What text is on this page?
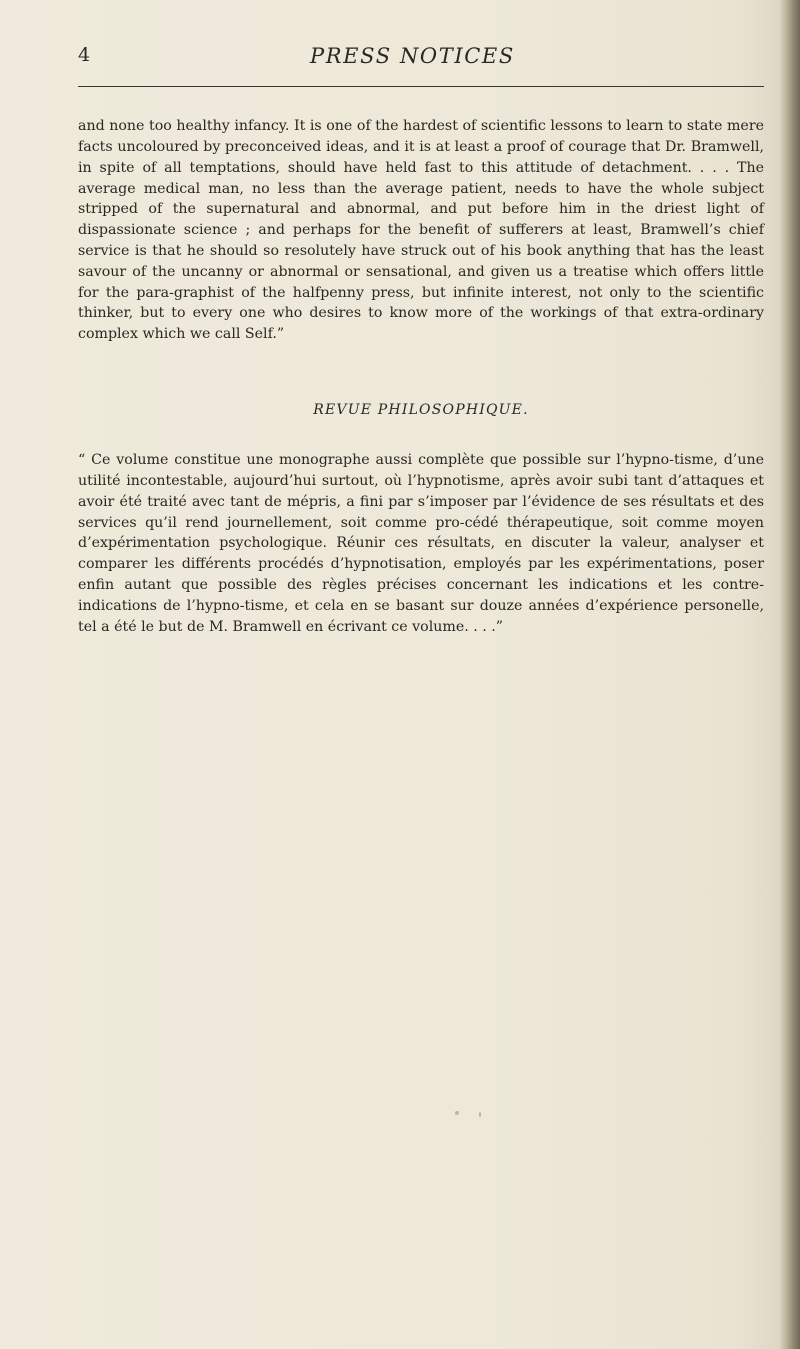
4	PRESS NOTICES

and none too healthy infancy. It is one of the hardest of scientific lessons to learn to state mere facts uncoloured by preconceived ideas, and it is at least a proof of courage that Dr. Bramwell, in spite of all temptations, should have held fast to this attitude of detachment. . . . The average medical man, no less than the average patient, needs to have the whole subject stripped of the supernatural and abnormal, and put before him in the driest light of dispassionate science ; and perhaps for the benefit of sufferers at least, Bramwell’s chief service is that he should so resolutely have struck out of his book anything that has the least savour of the uncanny or abnormal or sensational, and given us a treatise which offers little for the para-graphist of the halfpenny press, but infinite interest, not only to the scientific thinker, but to every one who desires to know more of the workings of that extra-ordinary complex which we call Self.”

REVUE PHILOSOPHIQUE.

“ Ce volume constitue une monographe aussi complète que possible sur l’hypno-tisme, d’une utilité incontestable, aujourd’hui surtout, où l’hypnotisme, après avoir subi tant d’attaques et avoir été traité avec tant de mépris, a fini par s’imposer par l’évidence de ses résultats et des services qu’il rend journellement, soit comme pro-cédé thérapeutique, soit comme moyen d’expérimentation psychologique. Réunir ces résultats, en discuter la valeur, analyser et comparer les différents procédés d’hypnotisation, employés par les expérimentations, poser enfin autant que possible des règles précises concernant les indications et les contre-indications de l’hypno-tisme, et cela en se basant sur douze années d’expérience personelle, tel a été le but de M. Bramwell en écrivant ce volume. . . .”
